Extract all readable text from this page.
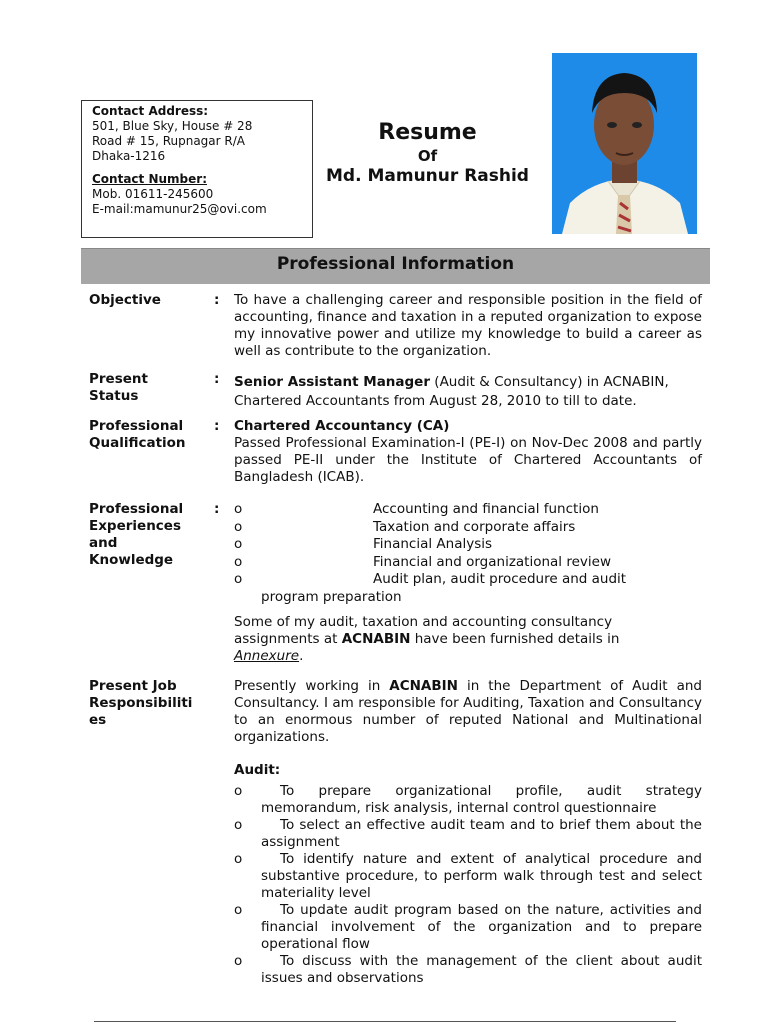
Contact Address:
501, Blue Sky, House # 28
Road # 15, Rupnagar R/A
Dhaka-1216
Contact Number:
Mob. 01611-245600
E-mail:mamunur25@ovi.com
Resume
Of
Md. Mamunur Rashid
Professional Information
Objective	: To have a challenging career and responsible position in the field of accounting, finance and taxation in a reputed organization to expose my innovative power and utilize my knowledge to build a career as well as contribute to the organization.
Present
Status
: Senior Assistant Manager (Audit & Consultancy) in ACNABIN,
Chartered Accountants from August 28, 2010 to till to date.
Professional
Qualification
: Chartered Accountancy (CA)
Passed Professional Examination-I (PE-I) on Nov-Dec 2008 and partly passed PE-II under the Institute of Chartered Accountants of Bangladesh (ICAB).
Professional
Experiences
and
Knowledge
: o	Accounting and financial function
o	Taxation and corporate affairs
o	Financial Analysis
o	Financial and organizational review
o	Audit plan, audit procedure and audit
program preparation
Some of my audit, taxation and accounting consultancy
assignments at ACNABIN have been furnished details in
Annexure.
Present Job
Responsibiliti
es
Presently working in ACNABIN in the Department of Audit and Consultancy. I am responsible for Auditing, Taxation and Consultancy to an enormous number of reputed National and Multinational organizations.
Audit:
o	To prepare organizational profile, audit strategy memorandum, risk analysis, internal control questionnaire
o	To select an effective audit team and to brief them about the assignment
o	To identify nature and extent of analytical procedure and substantive procedure, to perform walk through test and select materiality level
o	To update audit program based on the nature, activities and financial involvement of the organization and to prepare operational flow
o	To discuss with the management of the client about audit issues and observations
